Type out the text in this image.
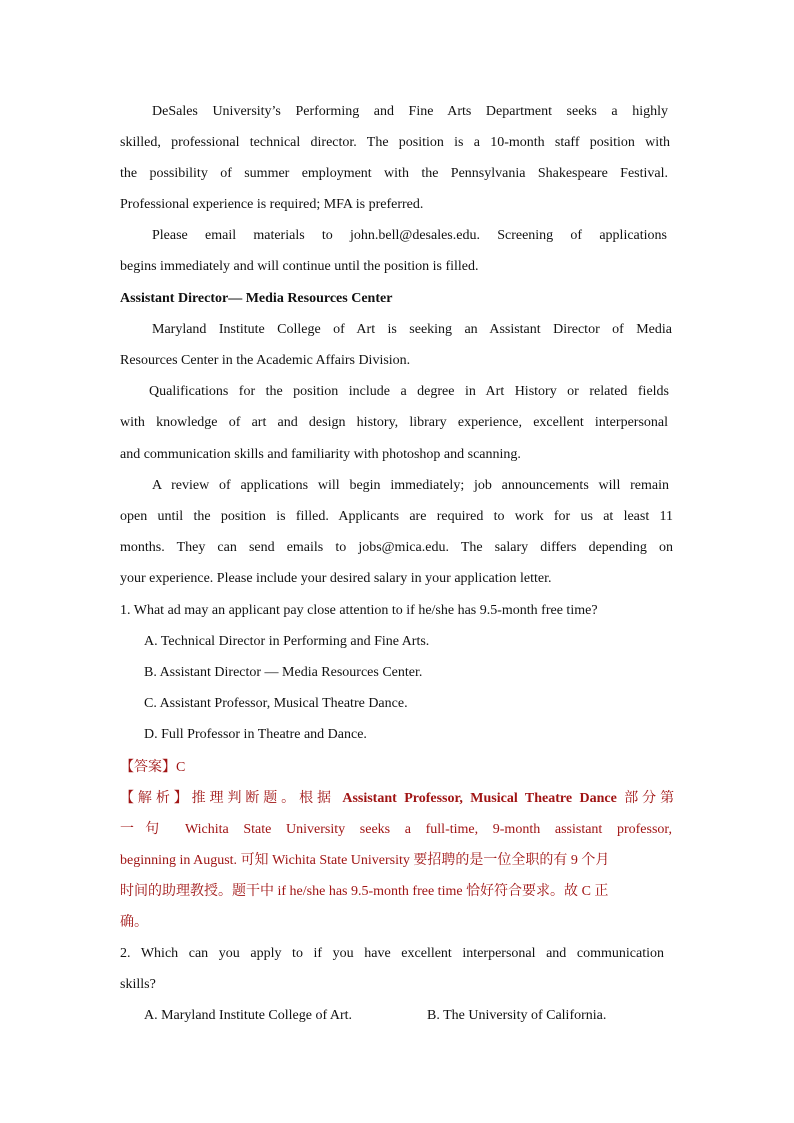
DeSales University’s Performing and Fine Arts Department seeks a highly
skilled, professional technical director. The position is a 10-month staff position with
the possibility of summer employment with the Pennsylvania Shakespeare Festival.
Professional experience is required; MFA is preferred.
Please email materials to john.bell@desales.edu. Screening of applications
begins immediately and will continue until the position is filled.
Assistant Director— Media Resources Center
Maryland Institute College of Art is seeking an Assistant Director of Media
Resources Center in the Academic Affairs Division.
Qualifications for the position include a degree in Art History or related fields
with knowledge of art and design history, library experience, excellent interpersonal
and communication skills and familiarity with photoshop and scanning.
A review of applications will begin immediately; job announcements will remain
open until the position is filled. Applicants are required to work for us at least 11
months. They can send emails to jobs@mica.edu. The salary differs depending on
your experience. Please include your desired salary in your application letter.
1. What ad may an applicant pay close attention to if he/she has 9.5-month free time?
A. Technical Director in Performing and Fine Arts.
B. Assistant Director — Media Resources Center.
C. Assistant Professor, Musical Theatre Dance.
D. Full Professor in Theatre and Dance.
【答案】C
【解析】推理判断题。根据 Assistant Professor, Musical Theatre Dance 部分第
一句 Wichita State University seeks a full-time, 9-month assistant professor,
beginning in August. 可知 Wichita State University 要招聘的是一位全职的有 9 个月
时间的助理教授。题干中 if he/she has 9.5-month free time 恰好符合要求。故 C 正
确。
2. Which can you apply to if you have excellent interpersonal and communication
skills?
A. Maryland Institute College of Art.	B. The University of California.
